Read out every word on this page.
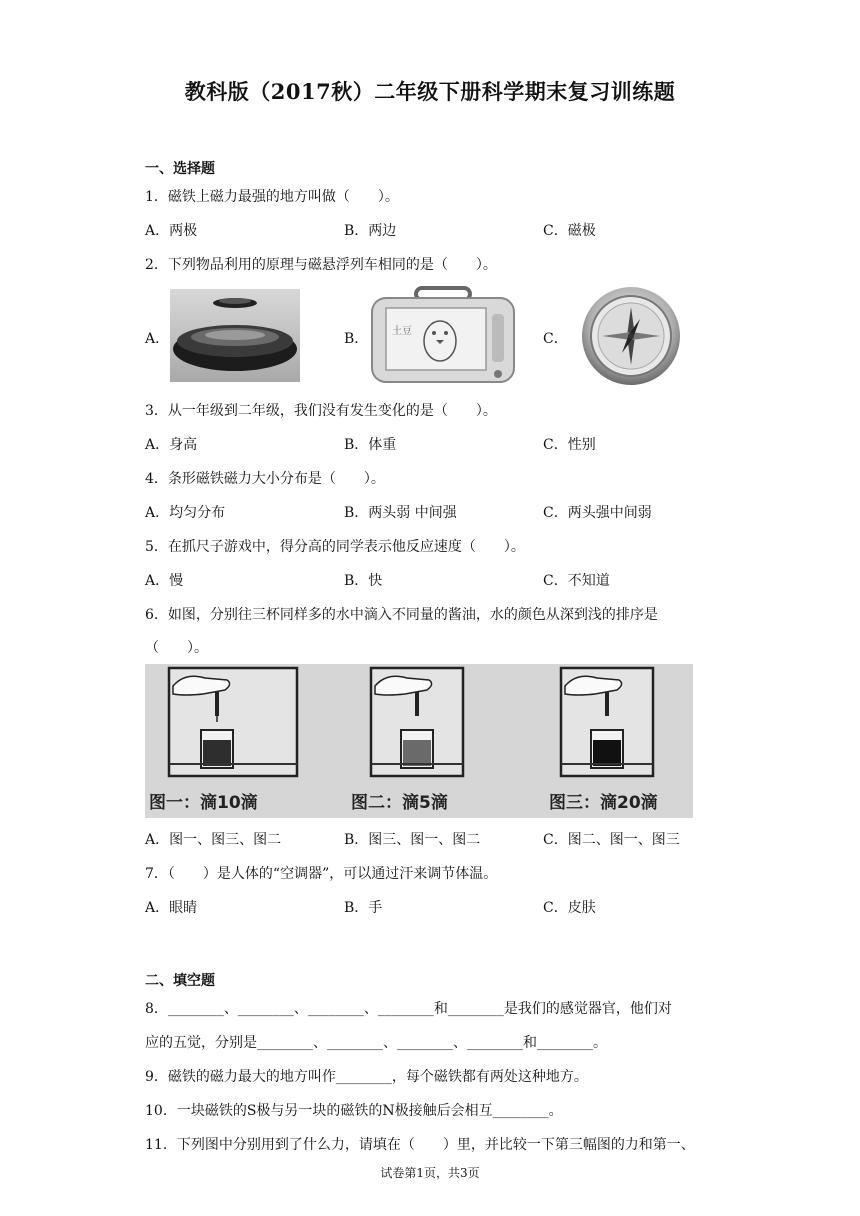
教科版（2017秋）二年级下册科学期末复习训练题
一、选择题
1．磁铁上磁力最强的地方叫做（　　）。
A．两极	B．两边	C．磁极
2．下列物品利用的原理与磁悬浮列车相同的是（　　）。
A．	B． 土豆	C．
3．从一年级到二年级，我们没有发生变化的是（　　）。
A．身高	B．体重	C．性别
4．条形磁铁磁力大小分布是（　　）。
A．均匀分布	B．两头弱 中间强	C．两头强中间弱
5．在抓尺子游戏中，得分高的同学表示他反应速度（　　）。
A．慢	B．快	C．不知道
6．如图，分别往三杯同样多的水中滴入不同量的酱油，水的颜色从深到浅的排序是
（　　）。
图一：滴10滴	图二：滴5滴	图三：滴20滴
A．图一、图三、图二	B．图三、图一、图二	C．图二、图一、图三
7．（　　）是人体的“空调器”，可以通过汗来调节体温。
A．眼睛	B．手	C．皮肤
二、填空题
8．________、________、________、________和________是我们的感觉器官，他们对
应的五觉，分别是________、________、________、________和________。
9．磁铁的磁力最大的地方叫作________，每个磁铁都有两处这种地方。
10．一块磁铁的S极与另一块的磁铁的N极接触后会相互________。
11．下列图中分别用到了什么力，请填在（　　）里，并比较一下第三幅图的力和第一、
试卷第1页，共3页
